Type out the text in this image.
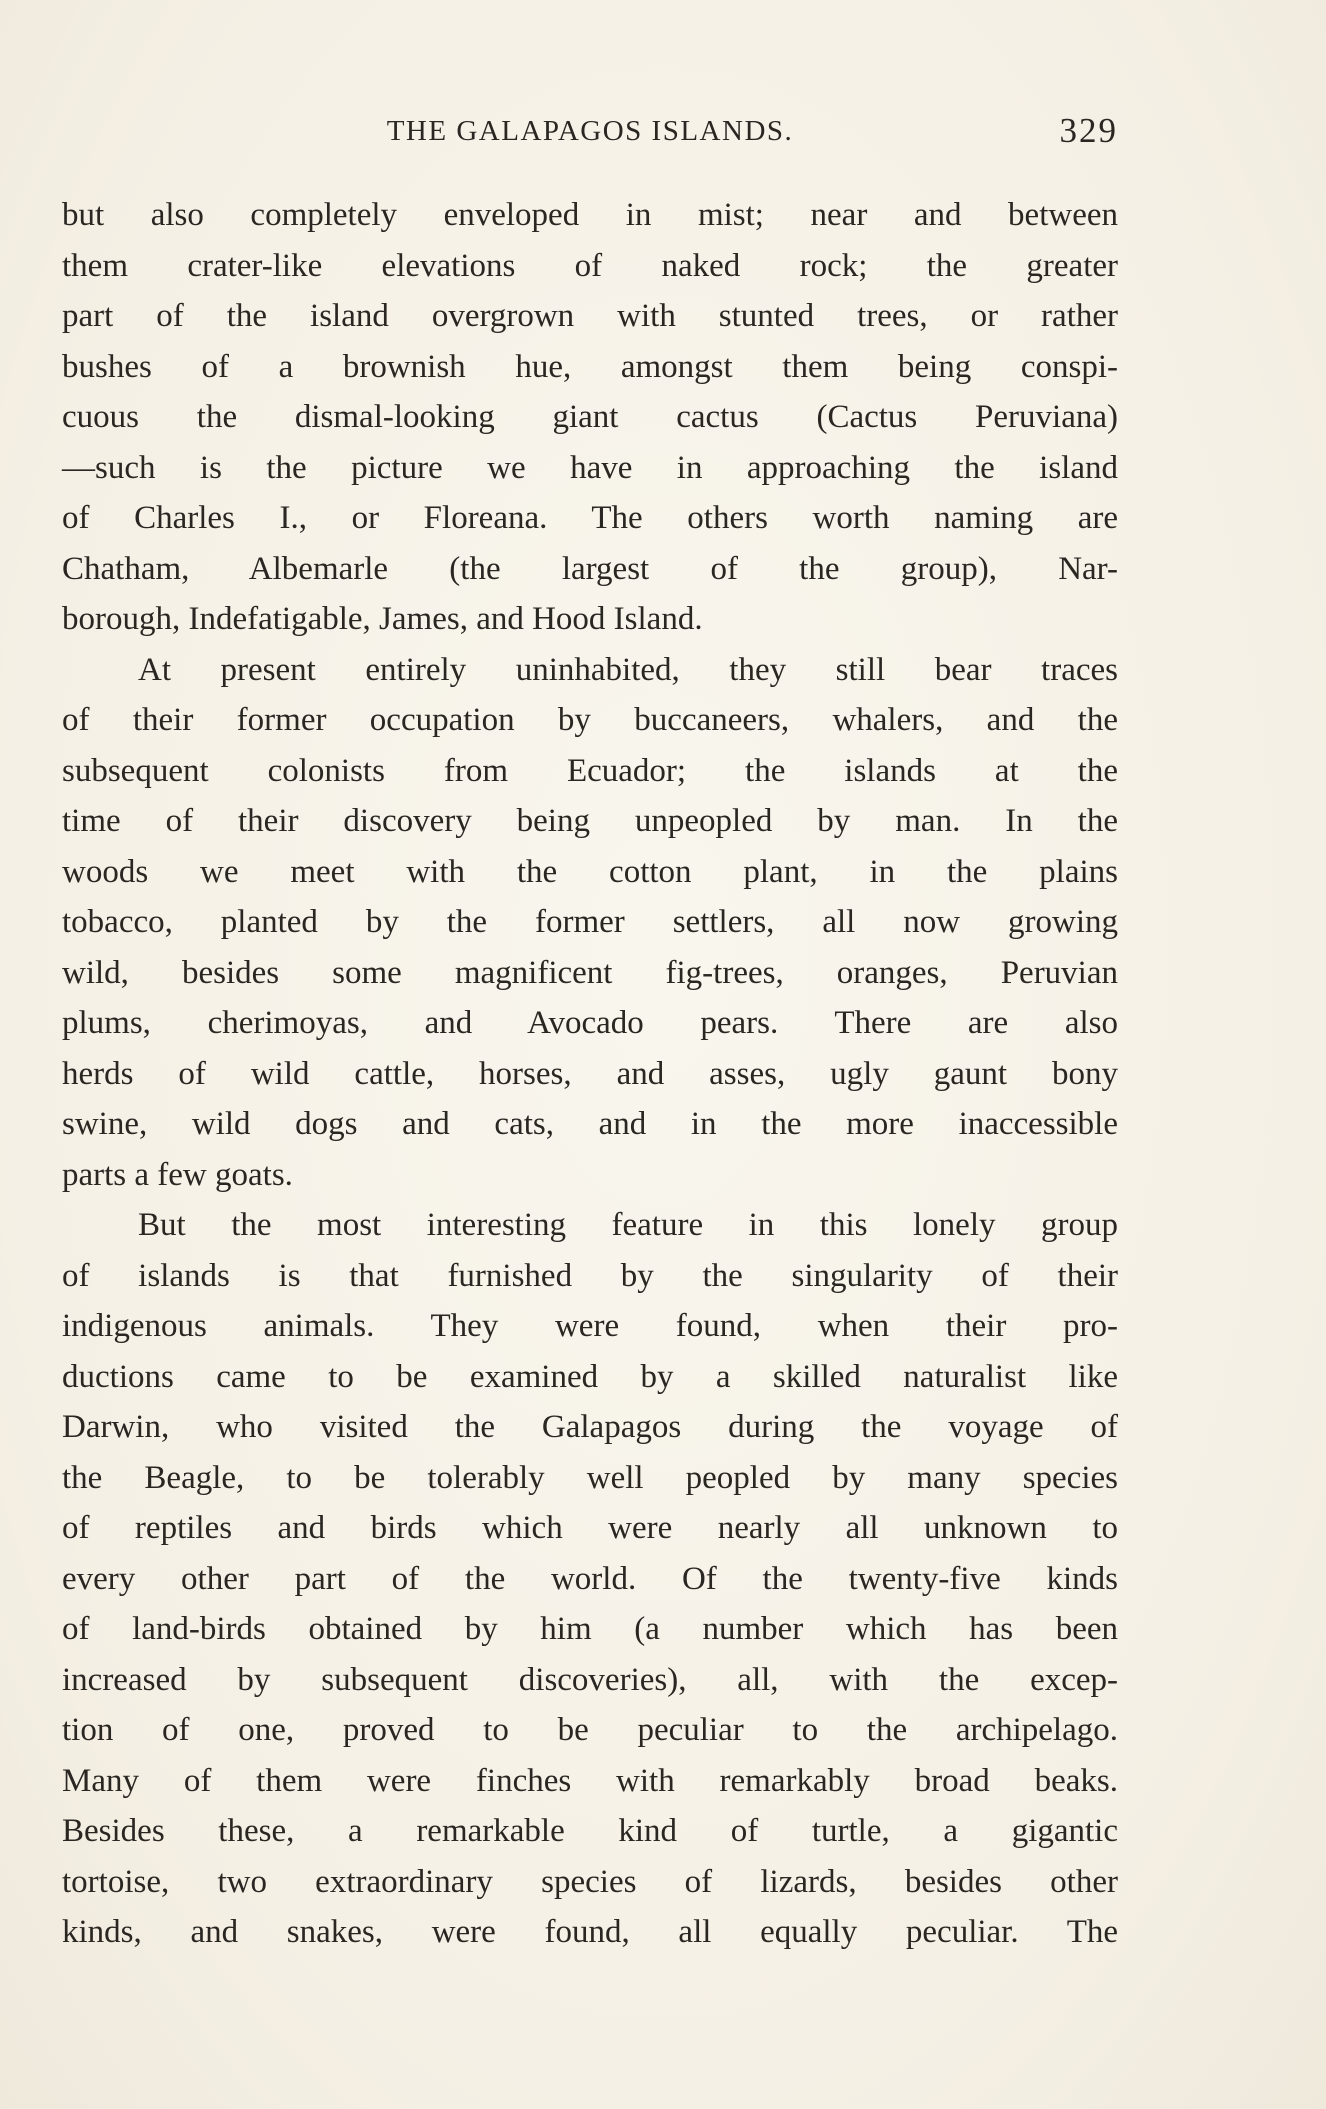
THE GALAPAGOS ISLANDS.	329
but also completely enveloped in mist; near and between
them crater-like elevations of naked rock; the greater
part of the island overgrown with stunted trees, or rather
bushes of a brownish hue, amongst them being conspi-
cuous the dismal-looking giant cactus (Cactus Peruviana)
—such is the picture we have in approaching the island
of Charles I., or Floreana. The others worth naming are
Chatham, Albemarle (the largest of the group), Nar-
borough, Indefatigable, James, and Hood Island.
At present entirely uninhabited, they still bear traces
of their former occupation by buccaneers, whalers, and the
subsequent colonists from Ecuador; the islands at the
time of their discovery being unpeopled by man. In the
woods we meet with the cotton plant, in the plains
tobacco, planted by the former settlers, all now growing
wild, besides some magnificent fig-trees, oranges, Peruvian
plums, cherimoyas, and Avocado pears. There are also
herds of wild cattle, horses, and asses, ugly gaunt bony
swine, wild dogs and cats, and in the more inaccessible
parts a few goats.
But the most interesting feature in this lonely group
of islands is that furnished by the singularity of their
indigenous animals. They were found, when their pro-
ductions came to be examined by a skilled naturalist like
Darwin, who visited the Galapagos during the voyage of
the Beagle, to be tolerably well peopled by many species
of reptiles and birds which were nearly all unknown to
every other part of the world. Of the twenty-five kinds
of land-birds obtained by him (a number which has been
increased by subsequent discoveries), all, with the excep-
tion of one, proved to be peculiar to the archipelago.
Many of them were finches with remarkably broad beaks.
Besides these, a remarkable kind of turtle, a gigantic
tortoise, two extraordinary species of lizards, besides other
kinds, and snakes, were found, all equally peculiar. The
